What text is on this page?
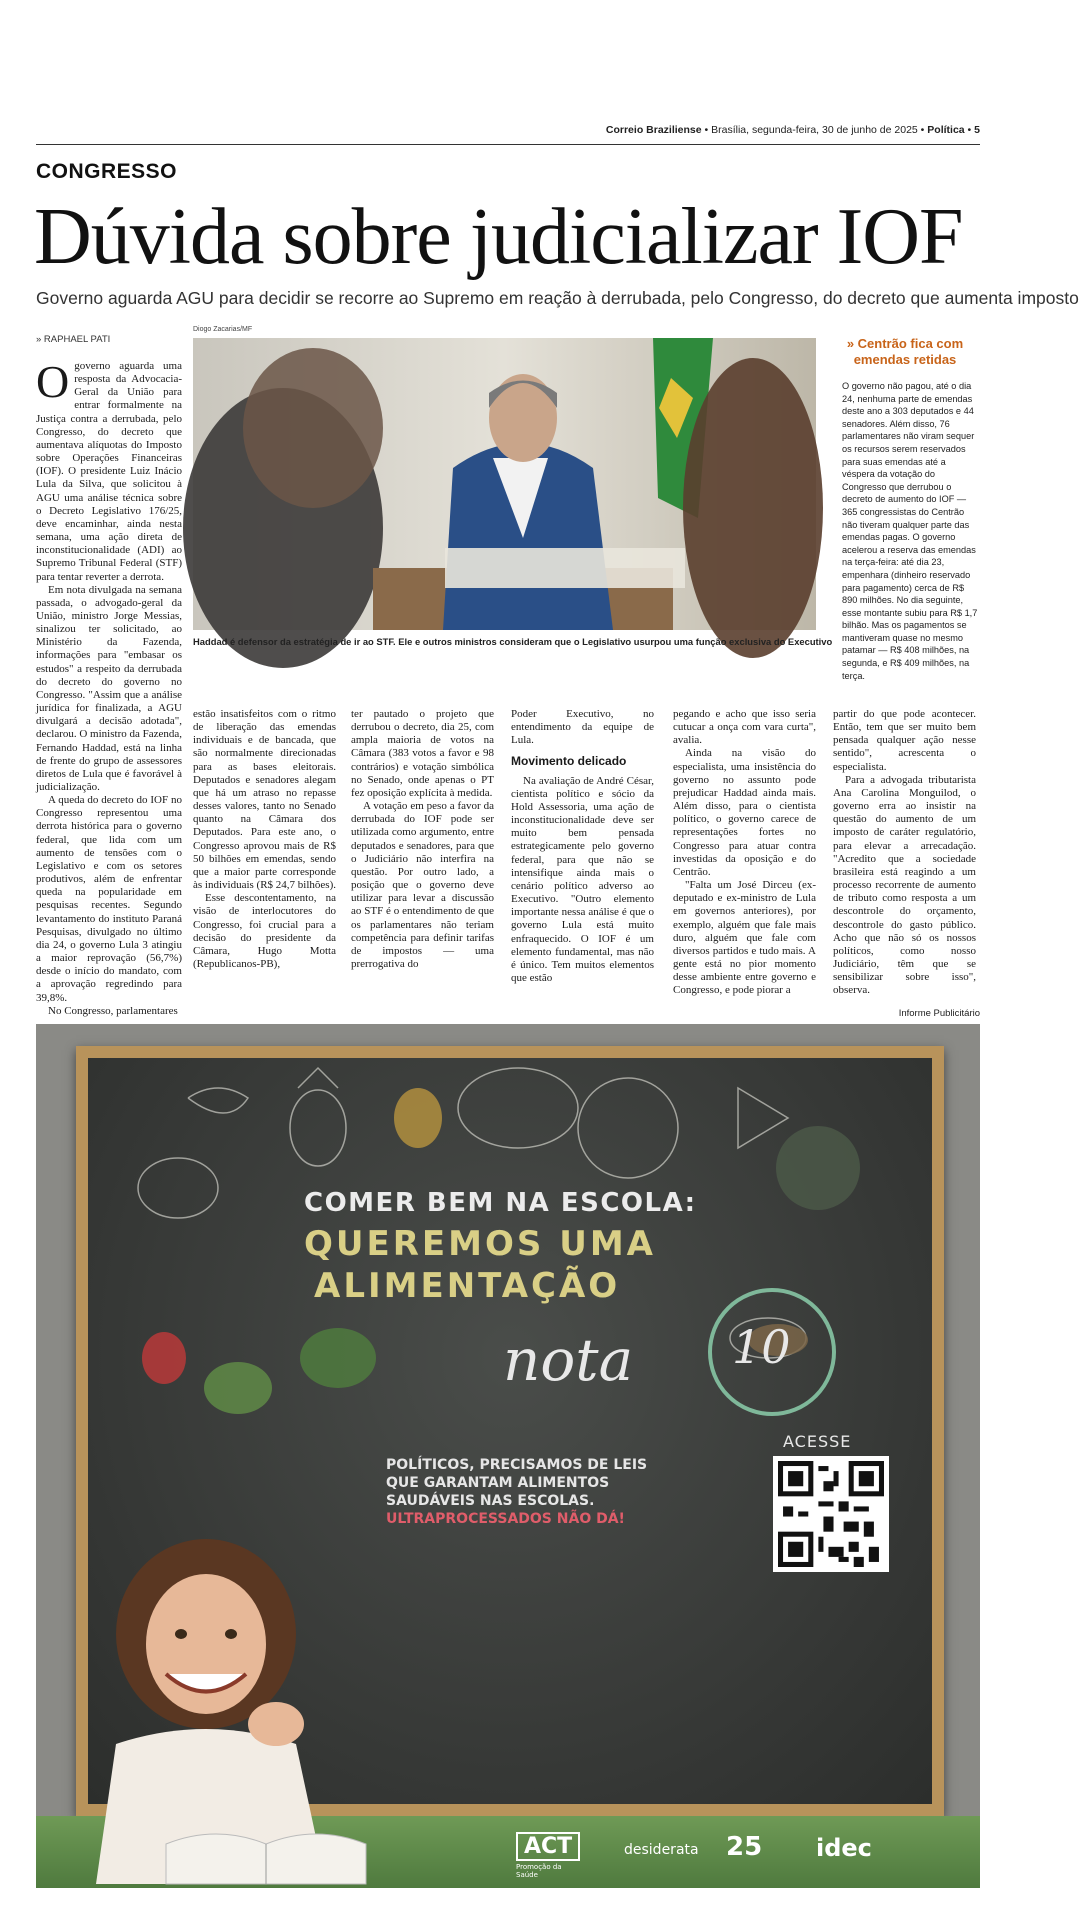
Correio Braziliense • Brasília, segunda-feira, 30 de junho de 2025 • Política • 5
CONGRESSO
Dúvida sobre judicializar IOF
Governo aguarda AGU para decidir se recorre ao Supremo em reação à derrubada, pelo Congresso, do decreto que aumenta imposto
» RAPHAEL PATI
O governo aguarda uma resposta da Advocacia-Geral da União para entrar formalmente na Justiça contra a derrubada, pelo Congresso, do decreto que aumentava alíquotas do Imposto sobre Operações Financeiras (IOF). O presidente Luiz Inácio Lula da Silva, que solicitou à AGU uma análise técnica sobre o Decreto Legislativo 176/25, deve encaminhar, ainda nesta semana, uma ação direta de inconstitucionalidade (ADI) ao Supremo Tribunal Federal (STF) para tentar reverter a derrota.

Em nota divulgada na semana passada, o advogado-geral da União, ministro Jorge Messias, sinalizou ter solicitado, ao Ministério da Fazenda, informações para "embasar os estudos" a respeito da derrubada do decreto do governo no Congresso. "Assim que a análise jurídica for finalizada, a AGU divulgará a decisão adotada", declarou. O ministro da Fazenda, Fernando Haddad, está na linha de frente do grupo de assessores diretos de Lula que é favorável à judicialização.

A queda do decreto do IOF no Congresso representou uma derrota histórica para o governo federal, que lida com um aumento de tensões com o Legislativo e com os setores produtivos, além de enfrentar queda na popularidade em pesquisas recentes. Segundo levantamento do instituto Paraná Pesquisas, divulgado no último dia 24, o governo Lula 3 atingiu a maior reprovação (56,7%) desde o início do mandato, com a aprovação regredindo para 39,8%.

No Congresso, parlamentares

Diogo Zacarias/MF
Haddad é defensor da estratégia de ir ao STF. Ele e outros ministros consideram que o Legislativo usurpou uma função exclusiva do Executivo
» Centrão fica com emendas retidas
O governo não pagou, até o dia 24, nenhuma parte de emendas deste ano a 303 deputados e 44 senadores. Além disso, 76 parlamentares não viram sequer os recursos serem reservados para suas emendas até a véspera da votação do Congresso que derrubou o decreto de aumento do IOF — 365 congressistas do Centrão não tiveram qualquer parte das emendas pagas. O governo acelerou a reserva das emendas na terça-feira: até dia 23, empenhara (dinheiro reservado para pagamento) cerca de R$ 890 milhões. No dia seguinte, esse montante subiu para R$ 1,7 bilhão. Mas os pagamentos se mantiveram quase no mesmo patamar — R$ 408 milhões, na segunda, e R$ 409 milhões, na terça.

estão insatisfeitos com o ritmo de liberação das emendas individuais e de bancada, que são normalmente direcionadas para as bases eleitorais. Deputados e senadores alegam que há um atraso no repasse desses valores, tanto no Senado quanto na Câmara dos Deputados. Para este ano, o Congresso aprovou mais de R$ 50 bilhões em emendas, sendo que a maior parte corresponde às individuais (R$ 24,7 bilhões).

Esse descontentamento, na visão de interlocutores do Congresso, foi crucial para a decisão do presidente da Câmara, Hugo Motta (Republicanos-PB),

ter pautado o projeto que derrubou o decreto, dia 25, com ampla maioria de votos na Câmara (383 votos a favor e 98 contrários) e votação simbólica no Senado, onde apenas o PT fez oposição explícita à medida.

A votação em peso a favor da derrubada do IOF pode ser utilizada como argumento, entre deputados e senadores, para que o Judiciário não interfira na questão. Por outro lado, a posição que o governo deve utilizar para levar a discussão ao STF é o entendimento de que os parlamentares não teriam competência para definir tarifas de impostos — uma prerrogativa do

Poder Executivo, no entendimento da equipe de Lula.

Movimento delicado

Na avaliação de André César, cientista político e sócio da Hold Assessoria, uma ação de inconstitucionalidade deve ser muito bem pensada estrategicamente pelo governo federal, para que não se intensifique ainda mais o cenário político adverso ao Executivo. "Outro elemento importante nessa análise é que o governo Lula está muito enfraquecido. O IOF é um elemento fundamental, mas não é único. Tem muitos elementos que estão

pegando e acho que isso seria cutucar a onça com vara curta", avalia.

Ainda na visão do especialista, uma insistência do governo no assunto pode prejudicar Haddad ainda mais. Além disso, para o cientista político, o governo carece de representações fortes no Congresso para atuar contra investidas da oposição e do Centrão.

"Falta um José Dirceu (ex-deputado e ex-ministro de Lula em governos anteriores), por exemplo, alguém que fale mais duro, alguém que fale com diversos partidos e tudo mais. A gente está no pior momento desse ambiente entre governo e Congresso, e pode piorar a

partir do que pode acontecer. Então, tem que ser muito bem pensada qualquer ação nesse sentido", acrescenta o especialista.

Para a advogada tributarista Ana Carolina Monguilod, o governo erra ao insistir na questão do aumento de um imposto de caráter regulatório, para elevar a arrecadação. "Acredito que a sociedade brasileira está reagindo a um processo recorrente de aumento de tributo como resposta a um descontrole do orçamento, descontrole do gasto público. Acho que não só os nossos políticos, como nosso Judiciário, têm que se sensibilizar sobre isso", observa.

Informe Publicitário
COMER BEM NA ESCOLA:
QUEREMOS UMA
ALIMENTAÇÃO
nota 10
ACESSE
POLÍTICOS, PRECISAMOS DE LEIS
QUE GARANTAM ALIMENTOS
SAUDÁVEIS NAS ESCOLAS.
ULTRAPROCESSADOS NÃO DÁ!
ACT
Promoção da Saúde
desiderata 25 idec
